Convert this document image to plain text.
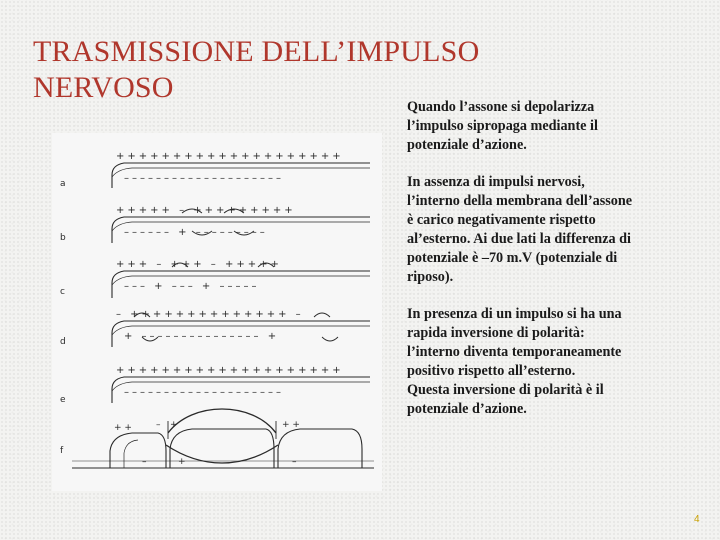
TRASMISSIONE DELL’IMPULSO
NERVOSO
a
b
c
d
e
f
++++++++++++++++++++
––––––––––––––––––––
+++++ – +++++++++
–––––– + –––––––––
+++ – +++ – +++++
––– + ––– + –––––
– ++++++++++++++ –
+ ––––––––––––––– +
++++++++++++++++++++
––––––––––––––––––––
+ +	– +	+ +
–	+	–

Quando l’assone si depolarizza
l’impulso sipropaga mediante il
potenziale d’azione.

In assenza di impulsi nervosi,
l’interno della membrana dell’assone
è carico negativamente rispetto
al’esterno. Ai due lati la differenza di
potenziale è –70 m.V (potenziale di
riposo).

In presenza di un impulso si ha una
rapida inversione di polarità:
l’interno diventa temporaneamente
positivo rispetto all’esterno.
Questa inversione di polarità è il
potenziale d’azione.

4
